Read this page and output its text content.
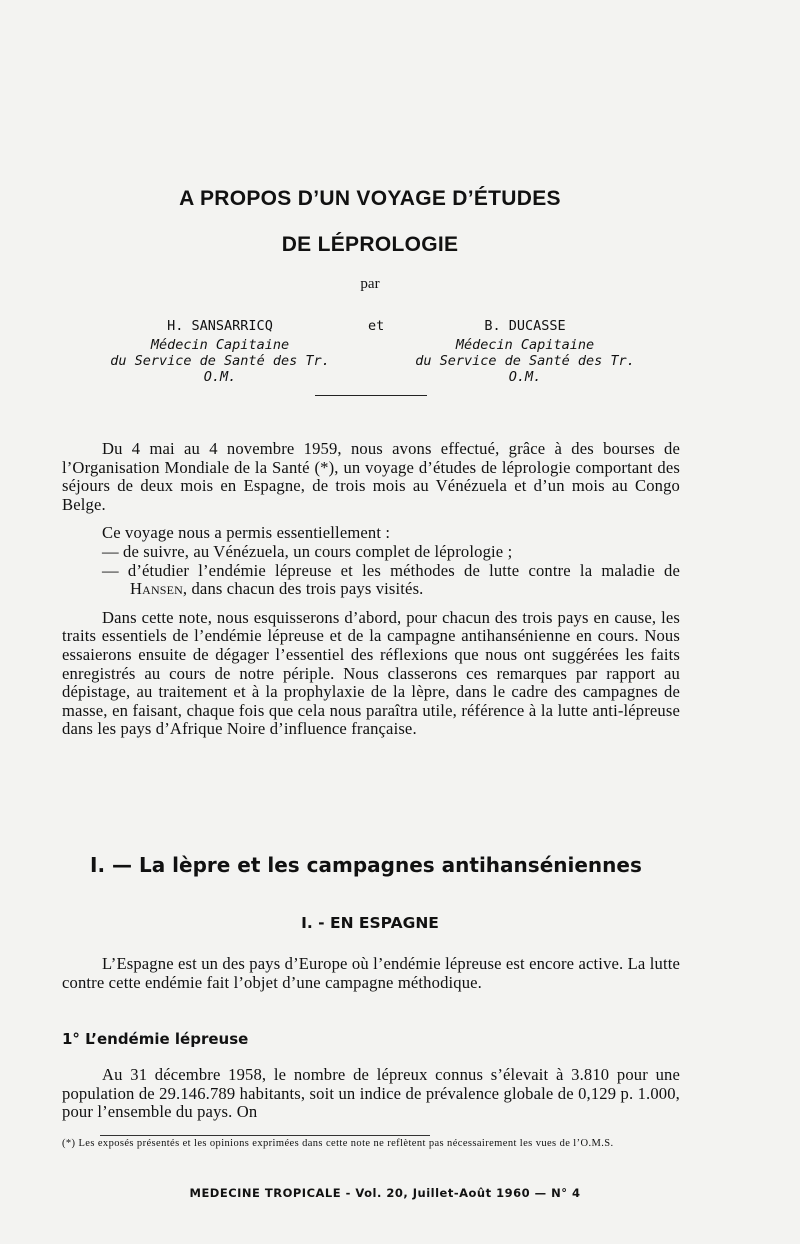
A PROPOS D’UN VOYAGE D’ÉTUDES
DE LÉPROLOGIE
par
H. SANSARRICQ
Médecin Capitaine
du Service de Santé des Tr. O.M.
et	B. DUCASSE
Médecin Capitaine
du Service de Santé des Tr. O.M.

Du 4 mai au 4 novembre 1959, nous avons effectué, grâce à des bourses de l’Organisation Mondiale de la Santé (*), un voyage d’études de léprologie comportant des séjours de deux mois en Espagne, de trois mois au Vénézuela et d’un mois au Congo Belge.

Ce voyage nous a permis essentiellement :

— de suivre, au Vénézuela, un cours complet de léprologie ;

— d’étudier l’endémie lépreuse et les méthodes de lutte contre la maladie de Hansen, dans chacun des trois pays visités.

Dans cette note, nous esquisserons d’abord, pour chacun des trois pays en cause, les traits essentiels de l’endémie lépreuse et de la campagne antihansénienne en cours. Nous essaierons ensuite de dégager l’essentiel des réflexions que nous ont suggérées les faits enregistrés au cours de notre périple. Nous classerons ces remarques par rapport au dépistage, au traitement et à la prophylaxie de la lèpre, dans le cadre des campagnes de masse, en faisant, chaque fois que cela nous paraîtra utile, référence à la lutte anti-lépreuse dans les pays d’Afrique Noire d’influence française.

I. — La lèpre et les campagnes antihanséniennes
I. - EN ESPAGNE

L’Espagne est un des pays d’Europe où l’endémie lépreuse est encore active. La lutte contre cette endémie fait l’objet d’une campagne méthodique.

1° L’endémie lépreuse

Au 31 décembre 1958, le nombre de lépreux connus s’élevait à 3.810 pour une population de 29.146.789 habitants, soit un indice de prévalence globale de 0,129 p. 1.000, pour l’ensemble du pays. On

(*) Les exposés présentés et les opinions exprimées dans cette note ne reflètent pas nécessairement les vues de l’O.M.S.
MEDECINE TROPICALE - Vol. 20, Juillet-Août 1960 — N° 4
